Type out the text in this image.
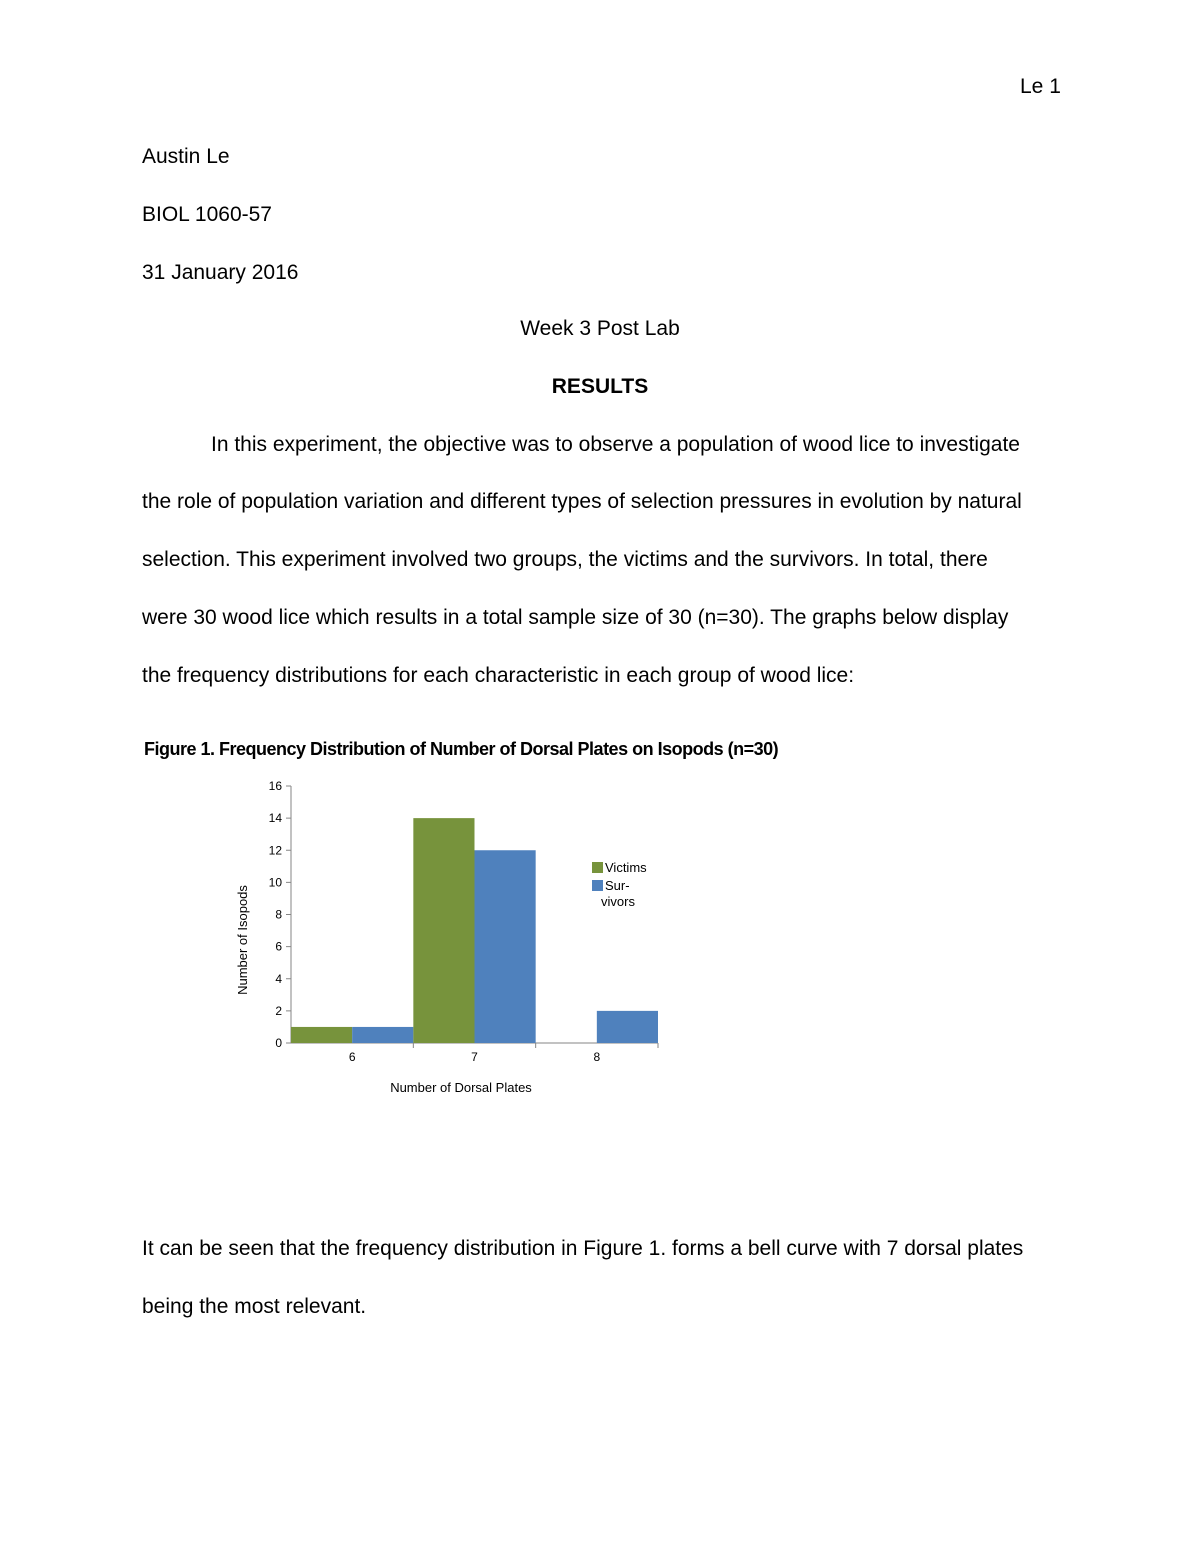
Le 1
Austin Le
BIOL 1060-57
31 January 2016
Week 3 Post Lab
RESULTS
In this experiment, the objective was to observe a population of wood lice to investigate
the role of population variation and different types of selection pressures in evolution by natural
selection. This experiment involved two groups, the victims and the survivors. In total, there
were 30 wood lice which results in a total sample size of 30 (n=30). The graphs below display
the frequency distributions for each characteristic in each group of wood lice:
Figure 1. Frequency Distribution of Number of Dorsal Plates on Isopods (n=30)
0
2
4
6
8
10
12
14
16
6	7	8
Number of Dorsal Plates
Number of Isopods
Victims
Sur-vivors
It can be seen that the frequency distribution in Figure 1. forms a bell curve with 7 dorsal plates
being the most relevant.
